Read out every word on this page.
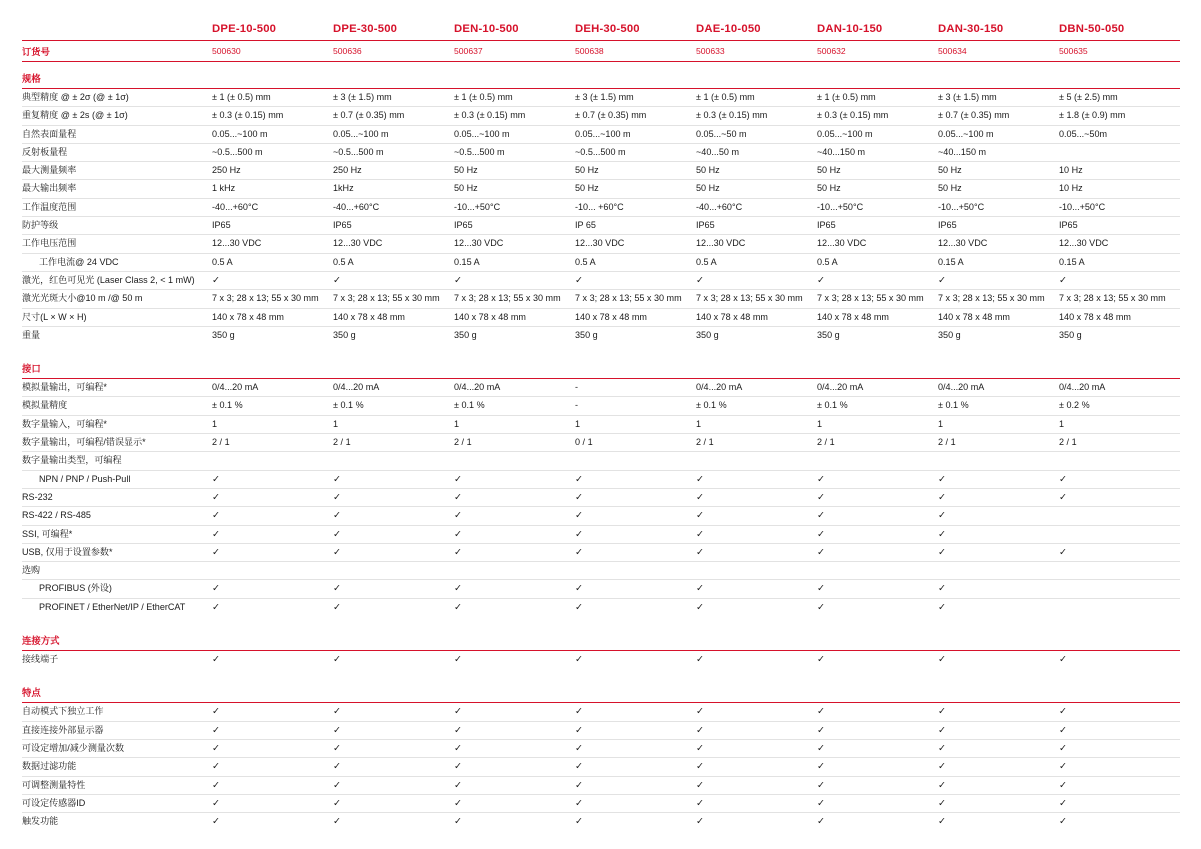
	DPE-10-500	DPE-30-500	DEN-10-500	DEH-30-500	DAE-10-050	DAN-10-150	DAN-30-150	DBN-50-050
订货号	500630	500636	500637	500638	500633	500632	500634	500635
规格								
典型精度 @ ± 2σ (@ ± 1σ)	± 1 (± 0.5) mm	± 3 (± 1.5) mm	± 1 (± 0.5) mm	± 3 (± 1.5) mm	± 1 (± 0.5) mm	± 1 (± 0.5) mm	± 3 (± 1.5) mm	± 5 (± 2.5) mm
重复精度 @ ± 2s (@ ± 1σ)	± 0.3 (± 0.15) mm	± 0.7 (± 0.35) mm	± 0.3 (± 0.15) mm	± 0.7 (± 0.35) mm	± 0.3 (± 0.15) mm	± 0.3 (± 0.15) mm	± 0.7 (± 0.35) mm	± 1.8 (± 0.9) mm
自然表面量程	0.05...~100 m	0.05...~100 m	0.05...~100 m	0.05...~100 m	0.05...~50 m	0.05...~100 m	0.05...~100 m	0.05...~50m
反射板量程	~0.5...500 m	~0.5...500 m	~0.5...500 m	~0.5...500 m	~40...50 m	~40...150 m	~40...150 m	
最大测量频率	250 Hz	250 Hz	50 Hz	50 Hz	50 Hz	50 Hz	50 Hz	10 Hz
最大输出频率	1 kHz	1kHz	50 Hz	50 Hz	50 Hz	50 Hz	50 Hz	10 Hz
工作温度范围	-40...+60°C	-40...+60°C	-10...+50°C	-10... +60°C	-40...+60°C	-10...+50°C	-10...+50°C	-10...+50°C
防护等级	IP65	IP65	IP65	IP 65	IP65	IP65	IP65	IP65
工作电压范围	12...30 VDC	12...30 VDC	12...30 VDC	12...30 VDC	12...30 VDC	12...30 VDC	12...30 VDC	12...30 VDC
工作电流@ 24 VDC	0.5 A	0.5 A	0.15 A	0.5 A	0.5 A	0.5 A	0.15 A	0.15 A
激光，红色可见光 (Laser Class 2, < 1 mW)	✓	✓	✓	✓	✓	✓	✓	✓
激光光斑大小@10 m /@ 50 m	7 x 3; 28 x 13; 55 x 30 mm	7 x 3; 28 x 13; 55 x 30 mm	7 x 3; 28 x 13; 55 x 30 mm	7 x 3; 28 x 13; 55 x 30 mm	7 x 3; 28 x 13; 55 x 30 mm	7 x 3; 28 x 13; 55 x 30 mm	7 x 3; 28 x 13; 55 x 30 mm	7 x 3; 28 x 13; 55 x 30 mm
尺寸(L × W × H)	140 x 78 x 48 mm	140 x 78 x 48 mm	140 x 78 x 48 mm	140 x 78 x 48 mm	140 x 78 x 48 mm	140 x 78 x 48 mm	140 x 78 x 48 mm	140 x 78 x 48 mm
重量	350 g	350 g	350 g	350 g	350 g	350 g	350 g	350 g
接口								
模拟量输出，可编程*	0/4...20 mA	0/4...20 mA	0/4...20 mA	-	0/4...20 mA	0/4...20 mA	0/4...20 mA	0/4...20 mA
模拟量精度	± 0.1 %	± 0.1 %	± 0.1 %	-	± 0.1 %	± 0.1 %	± 0.1 %	± 0.2 %
数字量输入，可编程*	1	1	1	1	1	1	1	1
数字量输出，可编程/错误显示*	2 / 1	2 / 1	2 / 1	0 / 1	2 / 1	2 / 1	2 / 1	2 / 1
数字量输出类型，可编程								
NPN / PNP / Push-Pull	✓	✓	✓	✓	✓	✓	✓	✓
RS-232	✓	✓	✓	✓	✓	✓	✓	✓
RS-422 / RS-485	✓	✓	✓	✓	✓	✓	✓	
SSI, 可编程*	✓	✓	✓	✓	✓	✓	✓	
USB, 仅用于设置参数*	✓	✓	✓	✓	✓	✓	✓	✓
选购								
PROFIBUS (外设)	✓	✓	✓	✓	✓	✓	✓	
PROFINET / EtherNet/IP / EtherCAT	✓	✓	✓	✓	✓	✓	✓	
连接方式								
接线端子	✓	✓	✓	✓	✓	✓	✓	✓
特点								
自动模式下独立工作	✓	✓	✓	✓	✓	✓	✓	✓
直接连接外部显示器	✓	✓	✓	✓	✓	✓	✓	✓
可设定增加/减少测量次数	✓	✓	✓	✓	✓	✓	✓	✓
数据过滤功能	✓	✓	✓	✓	✓	✓	✓	✓
可调整测量特性	✓	✓	✓	✓	✓	✓	✓	✓
可设定传感器ID	✓	✓	✓	✓	✓	✓	✓	✓
触发功能	✓	✓	✓	✓	✓	✓	✓	✓
